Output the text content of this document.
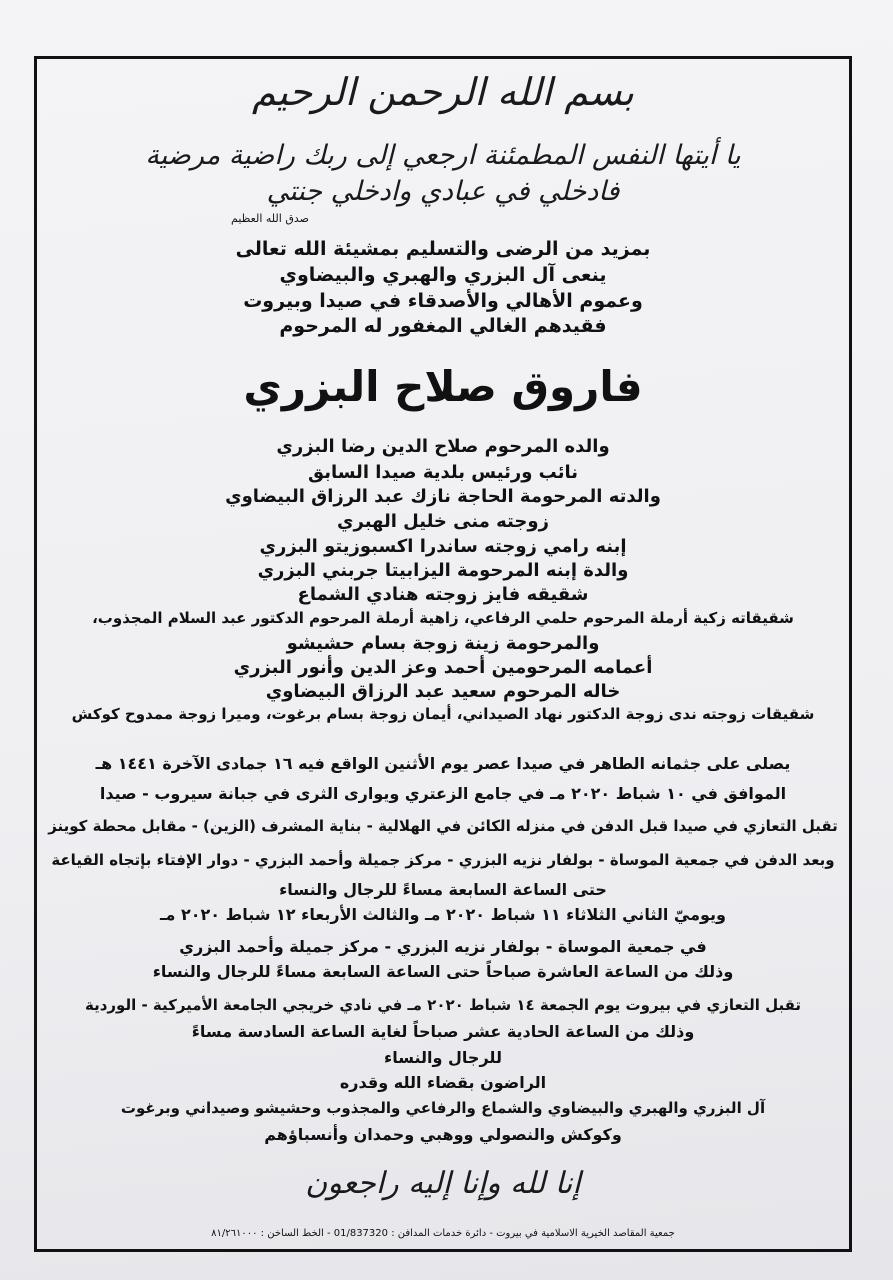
بسم الله الرحمن الرحيم
يا أيتها النفس المطمئنة ارجعي إلى ربك راضية مرضية
فادخلي في عبادي وادخلي جنتي
صدق الله العظيم
بمزيد من الرضى والتسليم بمشيئة الله تعالى
ينعى آل البزري والهبري والبيضاوي
وعموم الأهالي والأصدقاء في صيدا وبيروت
فقيدهم الغالي المغفور له المرحوم
فاروق صلاح البزري
والده المرحوم صلاح الدين رضا البزري
نائب ورئيس بلدية صيدا السابق
والدته المرحومة الحاجة نازك عبد الرزاق البيضاوي
زوجته منى خليل الهبري
إبنه رامي زوجته ساندرا اكسبوزيتو البزري
والدة إبنه المرحومة اليزابيتا جربني البزري
شقيقه فايز زوجته هنادي الشماع
شقيقاته زكية أرملة المرحوم حلمي الرفاعي، زاهية أرملة المرحوم الدكتور عبد السلام المجذوب،
والمرحومة زينة زوجة بسام حشيشو
أعمامه المرحومين أحمد وعز الدين وأنور البزري
خاله المرحوم سعيد عبد الرزاق البيضاوي
شقيقات زوجته ندى زوجة الدكتور نهاد الصيداني، أيمان زوجة بسام برغوت، وميرا زوجة ممدوح كوكش
يصلى على جثمانه الطاهر في صيدا عصر يوم الأثنين الواقع فيه ١٦ جمادى الآخرة ١٤٤١ هـ
الموافق في ١٠ شباط ٢٠٢٠ مـ في جامع الزعتري ويوارى الثرى في جبانة سيروب - صيدا
تقبل التعازي في صيدا قبل الدفن في منزله الكائن في الهلالية - بناية المشرف (الزين) - مقابل محطة كوينز
وبعد الدفن في جمعية الموساة - بولفار نزيه البزري - مركز جميلة وأحمد البزري - دوار الإفتاء بإتجاه القياعة
حتى الساعة السابعة مساءً للرجال والنساء
ويوميّ الثاني الثلاثاء ١١ شباط ٢٠٢٠ مـ والثالث الأربعاء ١٢ شباط ٢٠٢٠ مـ
في جمعية الموساة - بولفار نزيه البزري - مركز جميلة وأحمد البزري
وذلك من الساعة العاشرة صباحاً حتى الساعة السابعة مساءً للرجال والنساء
تقبل التعازي في بيروت يوم الجمعة ١٤ شباط ٢٠٢٠ مـ في نادي خريجي الجامعة الأميركية - الوردية
وذلك من الساعة الحادية عشر صباحاً لغاية الساعة السادسة مساءً
للرجال والنساء
الراضون بقضاء الله وقدره
آل البزري والهبري والبيضاوي والشماع والرفاعي والمجذوب وحشيشو وصيداني وبرغوت
وكوكش والنصولي ووهبي وحمدان وأنسباؤهم
إنا لله وإنا إليه راجعون
جمعية المقاصد الخيرية الاسلامية في بيروت - دائرة خدمات المدافن : 01/837320 - الخط الساخن : ٨١/٢٦١٠٠٠
